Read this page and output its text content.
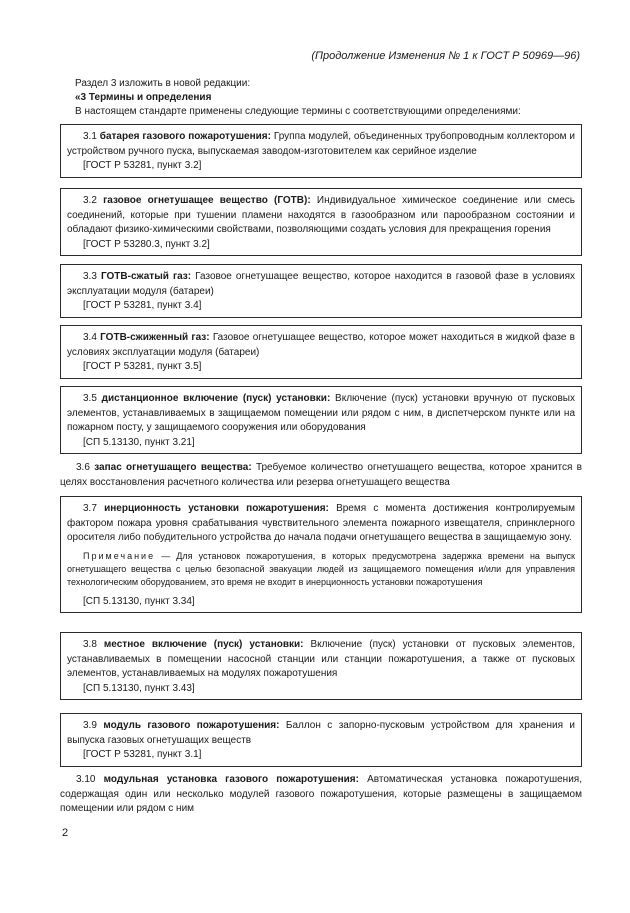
(Продолжение Изменения № 1 к ГОСТ Р 50969—96)

Раздел 3 изложить в новой редакции:

«3 Термины и определения

В настоящем стандарте применены следующие термины с соответствующими определениями:

3.1 батарея газового пожаротушения: Группа модулей, объединенных трубопроводным коллектором и устройством ручного пуска, выпускаемая заводом-изготовителем как серийное изделие

[ГОСТ Р 53281, пункт 3.2]

3.2 газовое огнетушащее вещество (ГОТВ): Индивидуальное химическое соединение или смесь соединений, которые при тушении пламени находятся в газообразном или парообразном состоянии и обладают физико-химическими свойствами, позволяющими создать условия для прекращения горения

[ГОСТ Р 53280.3, пункт 3.2]

3.3 ГОТВ-сжатый газ: Газовое огнетушащее вещество, которое находится в газовой фазе в условиях эксплуатации модуля (батареи)

[ГОСТ Р 53281, пункт 3.4]

3.4 ГОТВ-сжиженный газ: Газовое огнетушащее вещество, которое может находиться в жидкой фазе в условиях эксплуатации модуля (батареи)

[ГОСТ Р 53281, пункт 3.5]

3.5 дистанционное включение (пуск) установки: Включение (пуск) установки вручную от пусковых элементов, устанавливаемых в защищаемом помещении или рядом с ним, в диспетчерском пункте или на пожарном посту, у защищаемого сооружения или оборудования

[СП 5.13130, пункт 3.21]

3.6 запас огнетушащего вещества: Требуемое количество огнетушащего вещества, которое хранится в целях восстановления расчетного количества или резерва огнетушащего вещества

3.7 инерционность установки пожаротушения: Время с момента достижения контролируемым фактором пожара уровня срабатывания чувствительного элемента пожарного извещателя, спринклерного оросителя либо побудительного устройства до начала подачи огнетушащего вещества в защищаемую зону.

Примечание — Для установок пожаротушения, в которых предусмотрена задержка времени на выпуск огнетушащего вещества с целью безопасной эвакуации людей из защищаемого помещения и/или для управления технологическим оборудованием, это время не входит в инерционность установки пожаротушения

[СП 5.13130, пункт 3.34]

3.8 местное включение (пуск) установки: Включение (пуск) установки от пусковых элементов, устанавливаемых в помещении насосной станции или станции пожаротушения, а также от пусковых элементов, устанавливаемых на модулях пожаротушения

[СП 5.13130, пункт 3.43]

3.9 модуль газового пожаротушения: Баллон с запорно-пусковым устройством для хранения и выпуска газовых огнетушащих веществ

[ГОСТ Р 53281, пункт 3.1]

3.10 модульная установка газового пожаротушения: Автоматическая установка пожаротушения, содержащая один или несколько модулей газового пожаротушения, которые размещены в защищаемом помещении или рядом с ним

2
